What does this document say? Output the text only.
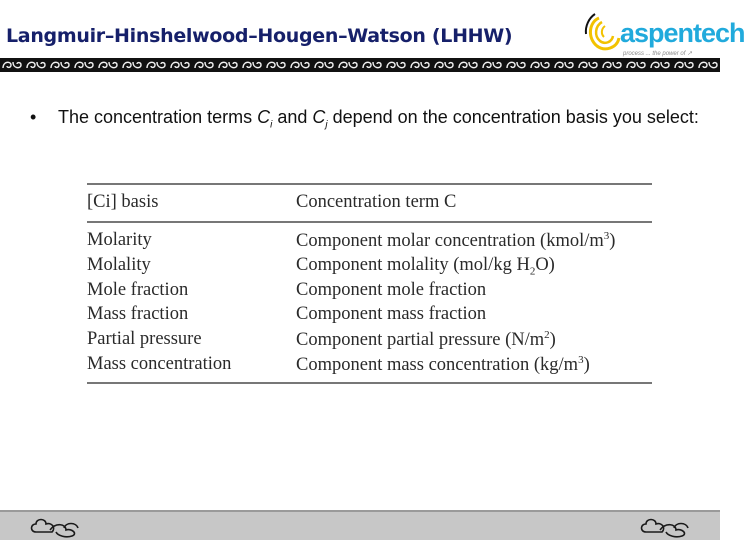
Langmuir–Hinshelwood–Hougen–Watson (LHHW)	aspentech
process ... the power of ↗
• The concentration terms $C_i$ and $C_j$ depend on the concentration basis you select:
[Ci] basis	Concentration term C
Molarity	Component molar concentration $(kmol/m^3)$
Molality	Component molality (mol/kg $H_2O$)
Mole fraction	Component mole fraction
Mass fraction	Component mass fraction
Partial pressure	Component partial pressure $(N/m^2)$
Mass concentration	Component mass concentration $(kg/m^3)$
